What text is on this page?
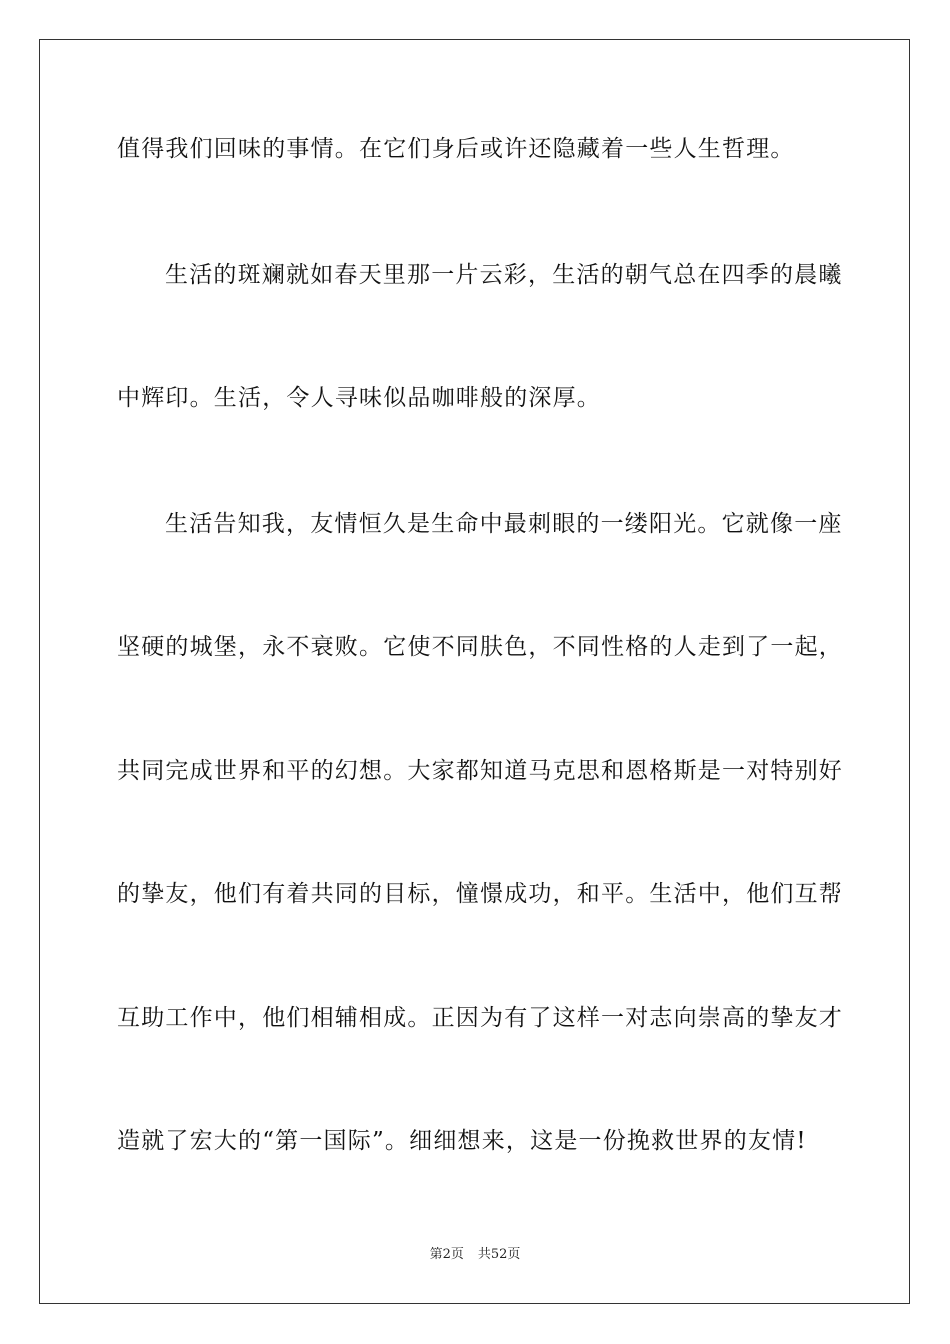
值得我们回味的事情。在它们身后或许还隐藏着一些人生哲理。
生活的斑斓就如春天里那一片云彩，生活的朝气总在四季的晨曦
中辉印。生活，令人寻味似品咖啡般的深厚。
生活告知我，友情恒久是生命中最刺眼的一缕阳光。它就像一座
坚硬的城堡，永不衰败。它使不同肤色，不同性格的人走到了一起，
共同完成世界和平的幻想。大家都知道马克思和恩格斯是一对特别好
的挚友，他们有着共同的目标，憧憬成功，和平。生活中，他们互帮
互助工作中，他们相辅相成。正因为有了这样一对志向崇高的挚友才
造就了宏大的“第一国际”。细细想来，这是一份挽救世界的友情!
第2页 共52页
